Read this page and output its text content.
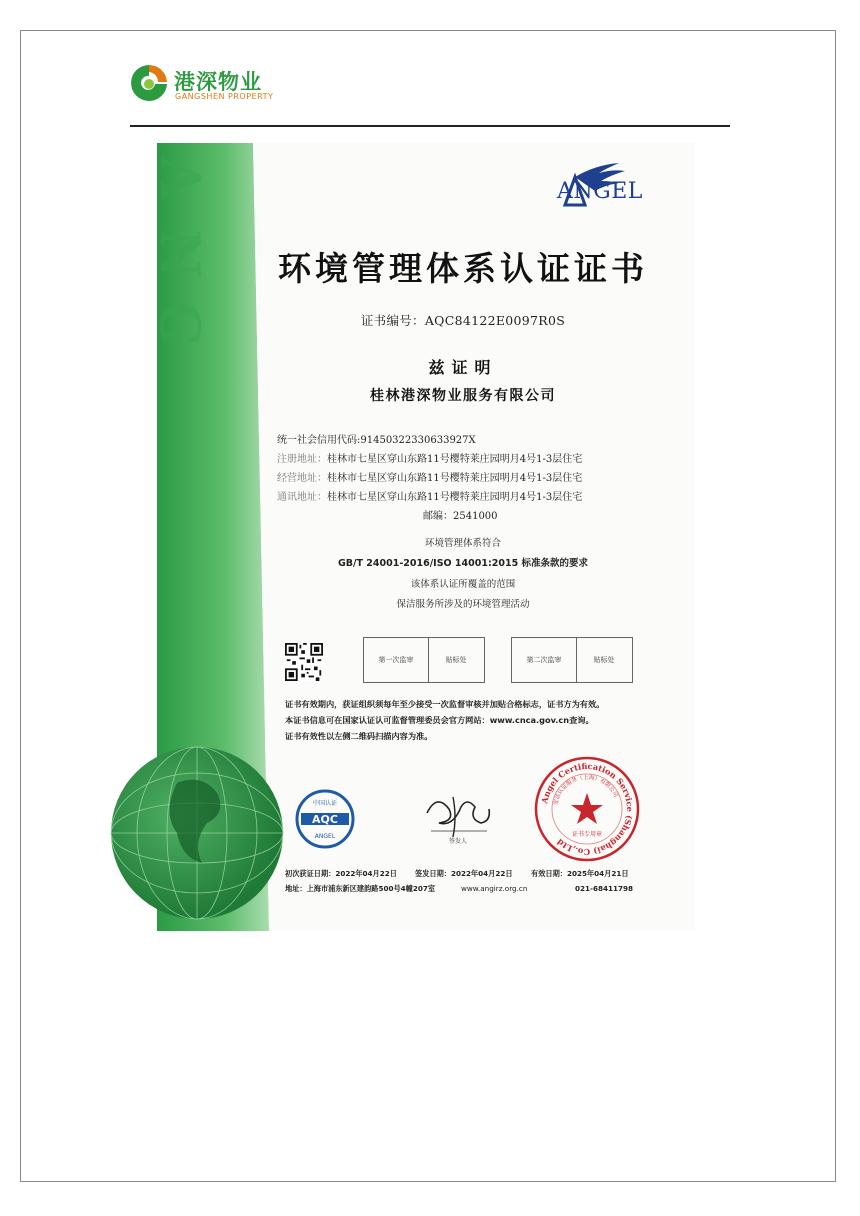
港深物业
GANGSHEN PROPERTY
A
N
G
ANGEL
环境管理体系认证证书
证书编号：AQC84122E0097R0S
兹证明
桂林港深物业服务有限公司
统一社会信用代码:91450322330633927X
注册地址：桂林市七星区穿山东路11号樱特莱庄园明月4号1-3层住宅
经营地址：桂林市七星区穿山东路11号樱特莱庄园明月4号1-3层住宅
通讯地址：桂林市七星区穿山东路11号樱特莱庄园明月4号1-3层住宅
邮编：2541000
环境管理体系符合
GB/T 24001-2016/ISO 14001:2015 标准条款的要求
该体系认证所覆盖的范围
保洁服务所涉及的环境管理活动
第一次监审	贴标处	第二次监审	贴标处
证书有效期内，获证组织须每年至少接受一次监督审核并加贴合格标志，证书方为有效。
本证书信息可在国家认证认可监督管理委员会官方网站：www.cnca.gov.cn查询。
证书有效性以左侧二维码扫描内容为准。
AQC
中国认证
ANGEL
签发人
Angel Certification Service (Shanghai) Co.,Ltd
安洁认证服务（上海）有限公司
证书专用章
初次获证日期：2022年04月22日	签发日期：2022年04月22日	有效日期：2025年04月21日
地址：上海市浦东新区建韵路500号4幢207室	www.angirz.org.cn	021-68411798
